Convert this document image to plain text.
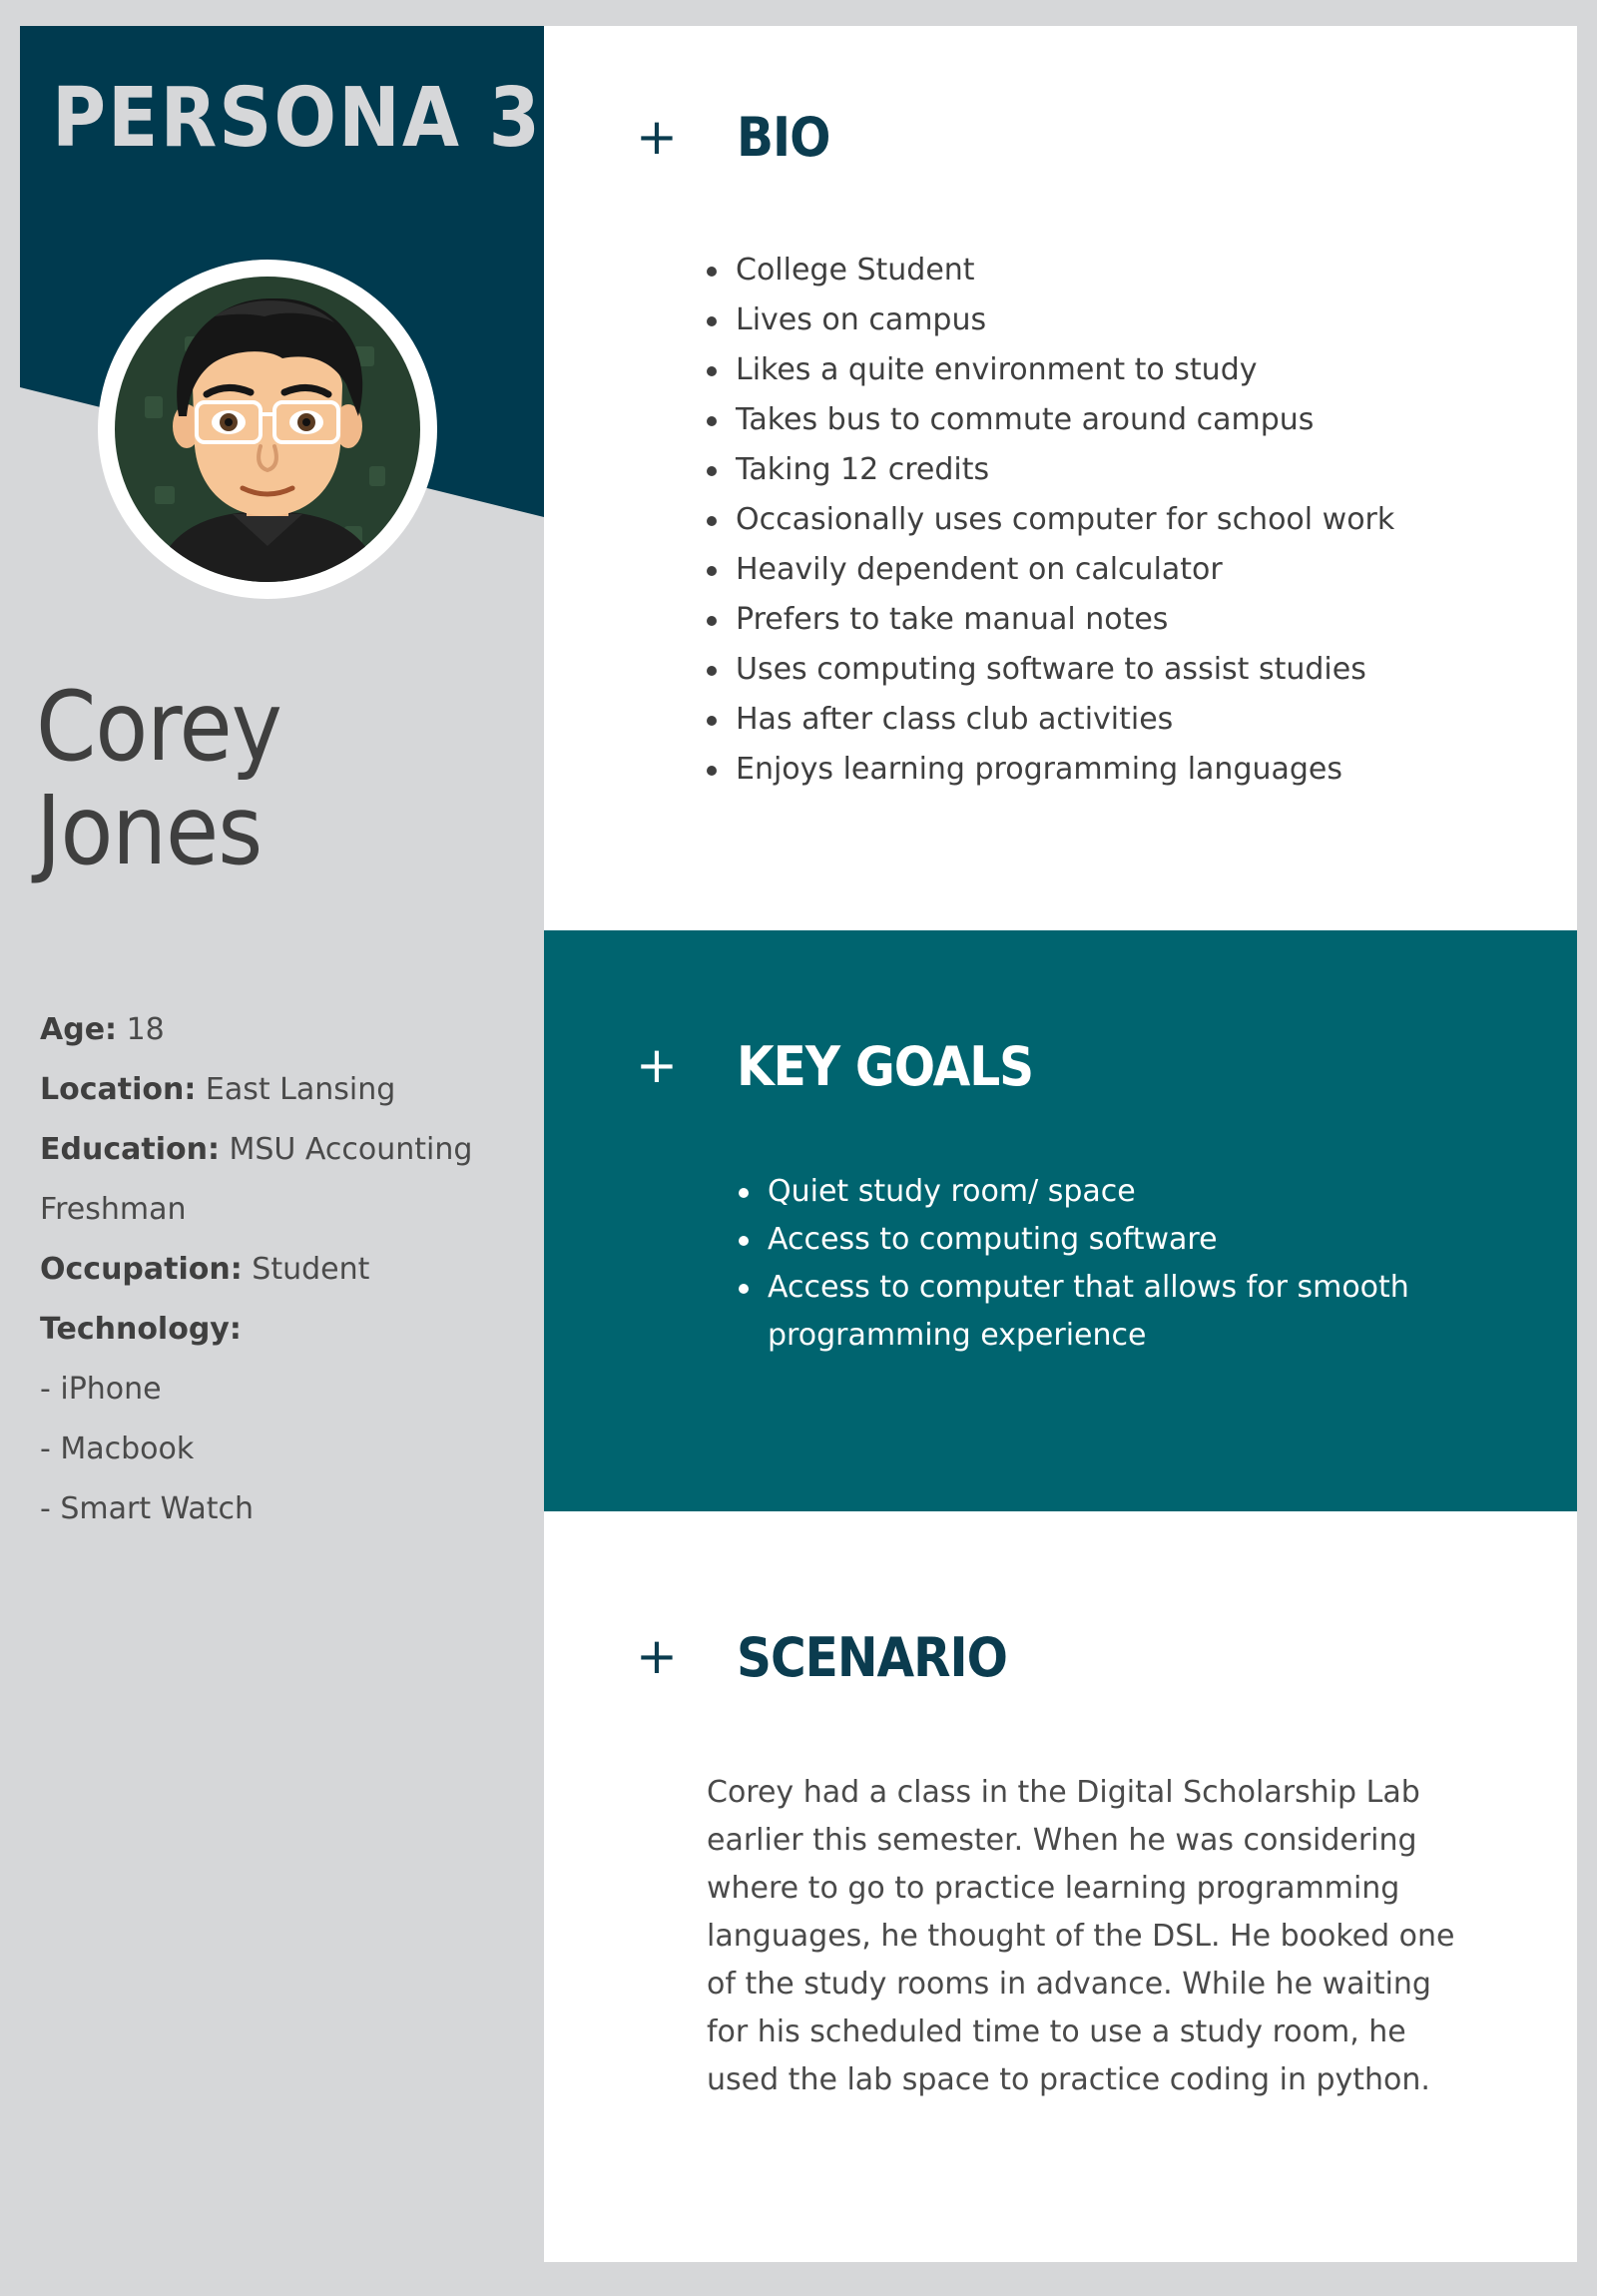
PERSONA 3
Corey
Jones
Age: 18
Location: East Lansing
Education: MSU Accounting
Freshman
Occupation: Student
Technology:
- iPhone
- Macbook
- Smart Watch
+ BIO
College Student
Lives on campus
Likes a quite environment to study
Takes bus to commute around campus
Taking 12 credits
Occasionally uses computer for school work
Heavily dependent on calculator
Prefers to take manual notes
Uses computing software to assist studies
Has after class club activities
Enjoys learning programming languages
+ KEY GOALS
Quiet study room/ space
Access to computing software
Access to computer that allows for smooth programming experience
+ SCENARIO

Corey had a class in the Digital Scholarship Lab earlier this semester. When he was considering where to go to practice learning programming languages, he thought of the DSL. He booked one of the study rooms in advance. While he waiting for his scheduled time to use a study room, he used the lab space to practice coding in python.
